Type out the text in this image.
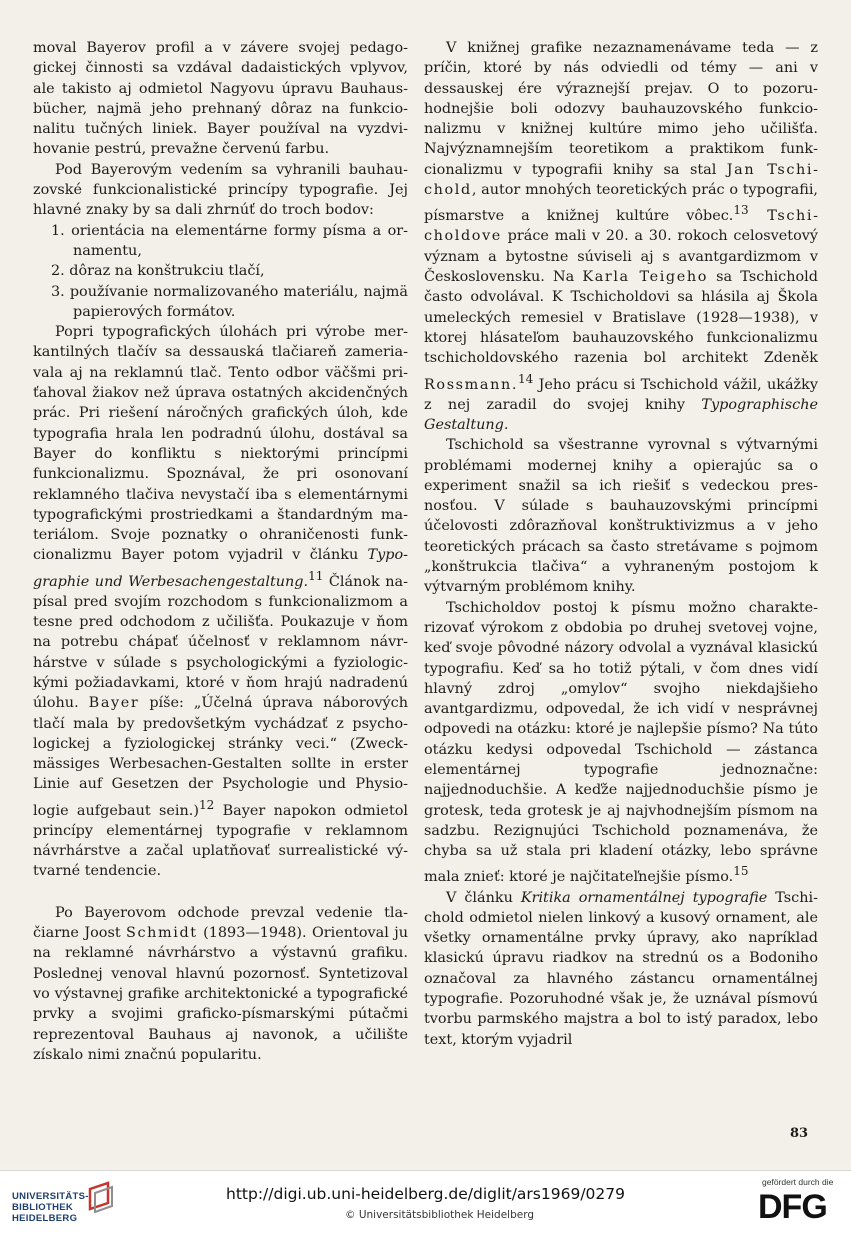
moval Bayerov profil a v závere svojej pedagogickej činnosti sa vzdával dadaistických vplyvov, ale takisto aj odmietol Nagyovu úpravu Bauhausbücher, najmä jeho prehnaný dôraz na funkcionalitu tučných liniek. Bayer používal na vyzdvihovanie pestrú, prevažne červenú farbu.

Pod Bayerovým vedením sa vyhranili bauhauzovské funkcionalistické princípy typografie. Jej hlavné znaky by sa dali zhrnúť do troch bodov:

1. orientácia na elementárne formy písma a ornamentu,
2. dôraz na konštrukciu tlačí,
3. používanie normalizovaného materiálu, najmä papierových formátov.

Popri typografických úlohách pri výrobe merkantilných tlačív sa dessauská tlačiareň zameriavala aj na reklamnú tlač. Tento odbor väčšmi priťahoval žiakov než úprava ostatných akcidenčných prác. Pri riešení náročných grafických úloh, kde typografia hrala len podradnú úlohu, dostával sa Bayer do konfliktu s niektorými princípmi funkcionalizmu. Spoznával, že pri osonovaní reklamného tlačiva nevystačí iba s elementárnymi typografickými prostriedkami a štandardným materiálom. Svoje poznatky o ohraničenosti funkcionalizmu Bayer potom vyjadril v článku Typographie und Werbesachengestaltung.$^{11}$ Článok napísal pred svojím rozchodom s funkcionalizmom a tesne pred odchodom z učilišťa. Poukazuje v ňom na potrebu chápať účelnosť v reklamnom návrhárstve v súlade s psychologickými a fyziologickými požiadavkami, ktoré v ňom hrajú nadradenú úlohu. Bayer píše: „Účelná úprava náborových tlačí mala by predovšetkým vychádzať z psychologickej a fyziologickej stránky veci.“ (Zweckmässiges Werbesachen-Gestalten sollte in erster Linie auf Gesetzen der Psychologie und Physiologie aufgebaut sein.)$^{12}$ Bayer napokon odmietol princípy elementárnej typografie v reklamnom návrhárstve a začal uplatňovať surrealistické výtvarné tendencie.

Po Bayerovom odchode prevzal vedenie tlačiarne Joost Schmidt (1893—1948). Orientoval ju na reklamné návrhárstvo a výstavnú grafiku. Poslednej venoval hlavnú pozornosť. Syntetizoval vo výstavnej grafike architektonické a typografické prvky a svojimi graficko-písmarskými pútačmi reprezentoval Bauhaus aj navonok, a učilište získalo nimi značnú popularitu.

V knižnej grafike nezaznamenávame teda — z príčin, ktoré by nás odviedli od témy — ani v dessauskej ére výraznejší prejav. O to pozoruhodnejšie boli odozvy bauhauzovského funkcionalizmu v knižnej kultúre mimo jeho učilišťa. Najvýznamnejším teoretikom a praktikom funkcionalizmu v typografii knihy sa stal Jan Tschichold, autor mnohých teoretických prác o typografii, písmarstve a knižnej kultúre vôbec.$^{13}$ Tschicholdove práce mali v 20. a 30. rokoch celosvetový význam a bytostne súviseli aj s avantgardizmom v Československu. Na Karla Teigeho sa Tschichold často odvolával. K Tschicholdovi sa hlásila aj Škola umeleckých remesiel v Bratislave (1928—1938), v ktorej hlásateľom bauhauzovského funkcionalizmu tschicholdovského razenia bol architekt Zdeněk Rossmann.$^{14}$ Jeho prácu si Tschichold vážil, ukážky z nej zaradil do svojej knihy Typographische Gestaltung.

Tschichold sa všestranne vyrovnal s výtvarnými problémami modernej knihy a opierajúc sa o experiment snažil sa ich riešiť s vedeckou presnosťou. V súlade s bauhauzovskými princípmi účelovosti zdôrazňoval konštruktivizmus a v jeho teoretických prácach sa často stretávame s pojmom „konštrukcia tlačiva“ a vyhraneným postojom k výtvarným problémom knihy.

Tschicholdov postoj k písmu možno charakterizovať výrokom z obdobia po druhej svetovej vojne, keď svoje pôvodné názory odvolal a vyznával klasickú typografiu. Keď sa ho totiž pýtali, v čom dnes vidí hlavný zdroj „omylov“ svojho niekdajšieho avantgardizmu, odpovedal, že ich vidí v nesprávnej odpovedi na otázku: ktoré je najlepšie písmo? Na túto otázku kedysi odpovedal Tschichold — zástanca elementárnej typografie jednoznačne: najjednoduchšie. A keďže najjednoduchšie písmo je grotesk, teda grotesk je aj najvhodnejším písmom na sadzbu. Rezignujúci Tschichold poznamenáva, že chyba sa už stala pri kladení otázky, lebo správne mala znieť: ktoré je najčitateľnejšie písmo.$^{15}$

V článku Kritika ornamentálnej typografie Tschichold odmietol nielen linkový a kusový ornament, ale všetky ornamentálne prvky úpravy, ako napríklad klasickú úpravu riadkov na strednú os a Bodoniho označoval za hlavného zástancu ornamentálnej typografie. Pozoruhodné však je, že uznával písmovú tvorbu parmského majstra a bol to istý paradox, lebo text, ktorým vyjadril

83
UNIVERSITÄTS-
BIBLIOTHEK
HEIDELBERG
http://digi.ub.uni-heidelberg.de/diglit/ars1969/0279
© Universitätsbibliothek Heidelberg
gefördert durch die
DFG
